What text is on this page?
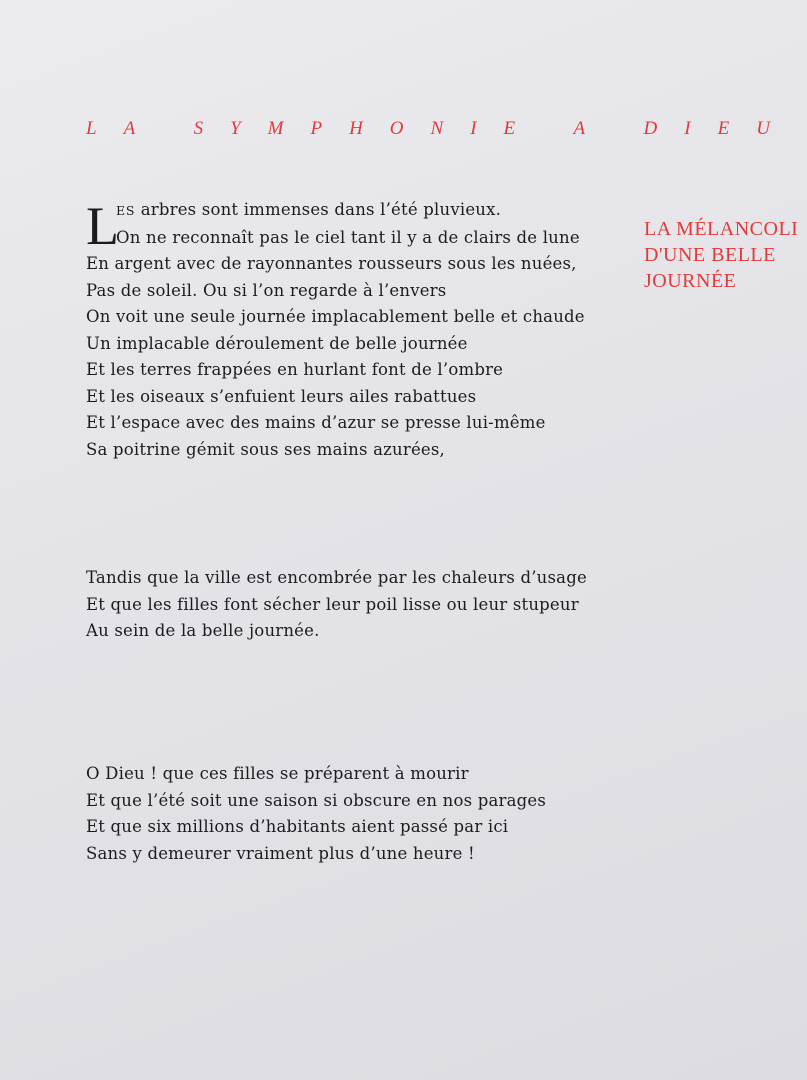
LA SYMPHONIE A DIEU
LA MÉLANCOLI
D'UNE BELLE
JOURNÉE
L
ES arbres sont immenses dans l’été pluvieux.
On ne reconnaît pas le ciel tant il y a de clairs de lune
En argent avec de rayonnantes rousseurs sous les nuées,
Pas de soleil. Ou si l’on regarde à l’envers
On voit une seule journée implacablement belle et chaude
Un implacable déroulement de belle journée
Et les terres frappées en hurlant font de l’ombre
Et les oiseaux s’enfuient leurs ailes rabattues
Et l’espace avec des mains d’azur se presse lui-même
Sa poitrine gémit sous ses mains azurées,
Tandis que la ville est encombrée par les chaleurs d’usage
Et que les filles font sécher leur poil lisse ou leur stupeur
Au sein de la belle journée.
O Dieu ! que ces filles se préparent à mourir
Et que l’été soit une saison si obscure en nos parages
Et que six millions d’habitants aient passé par ici
Sans y demeurer vraiment plus d’une heure !
